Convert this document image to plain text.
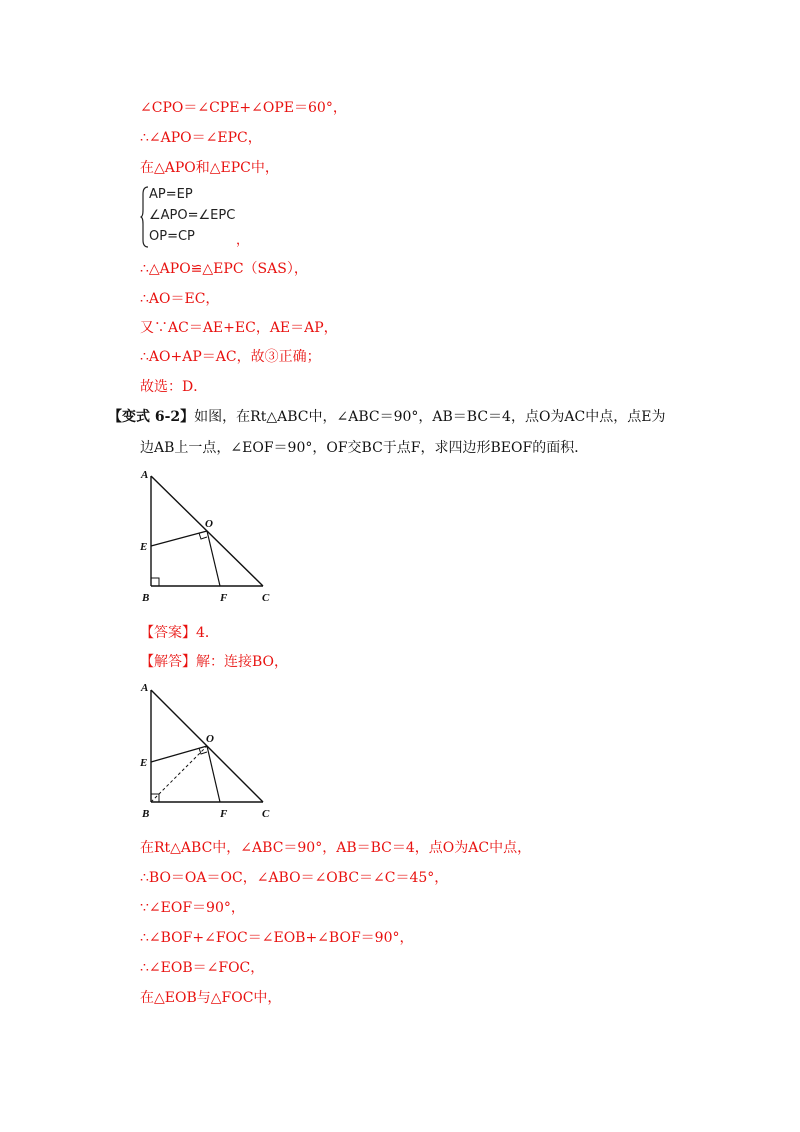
∠CPO＝∠CPE+∠OPE＝60°，
∴∠APO＝∠EPC，
在△APO和△EPC中，
AP=EP
∠APO=∠EPC
OP=CP	，
∴△APO≌△EPC（SAS），
∴AO＝EC，
又∵AC＝AE+EC，AE＝AP，
∴AO+AP＝AC，故③正确；
故选：D．
【变式 6-2】如图，在Rt△ABC中，∠ABC＝90°，AB＝BC＝4，点O为AC中点，点E为
边AB上一点，∠EOF＝90°，OF交BC于点F，求四边形BEOF的面积．
A
O
E
B	F	C
【答案】4．
【解答】解：连接BO，
A
O
E
B	F	C
在Rt△ABC中，∠ABC＝90°，AB＝BC＝4，点O为AC中点，
∴BO＝OA＝OC，∠ABO＝∠OBC＝∠C＝45°，
∵∠EOF＝90°，
∴∠BOF+∠FOC＝∠EOB+∠BOF＝90°，
∴∠EOB＝∠FOC，
在△EOB与△FOC中，
